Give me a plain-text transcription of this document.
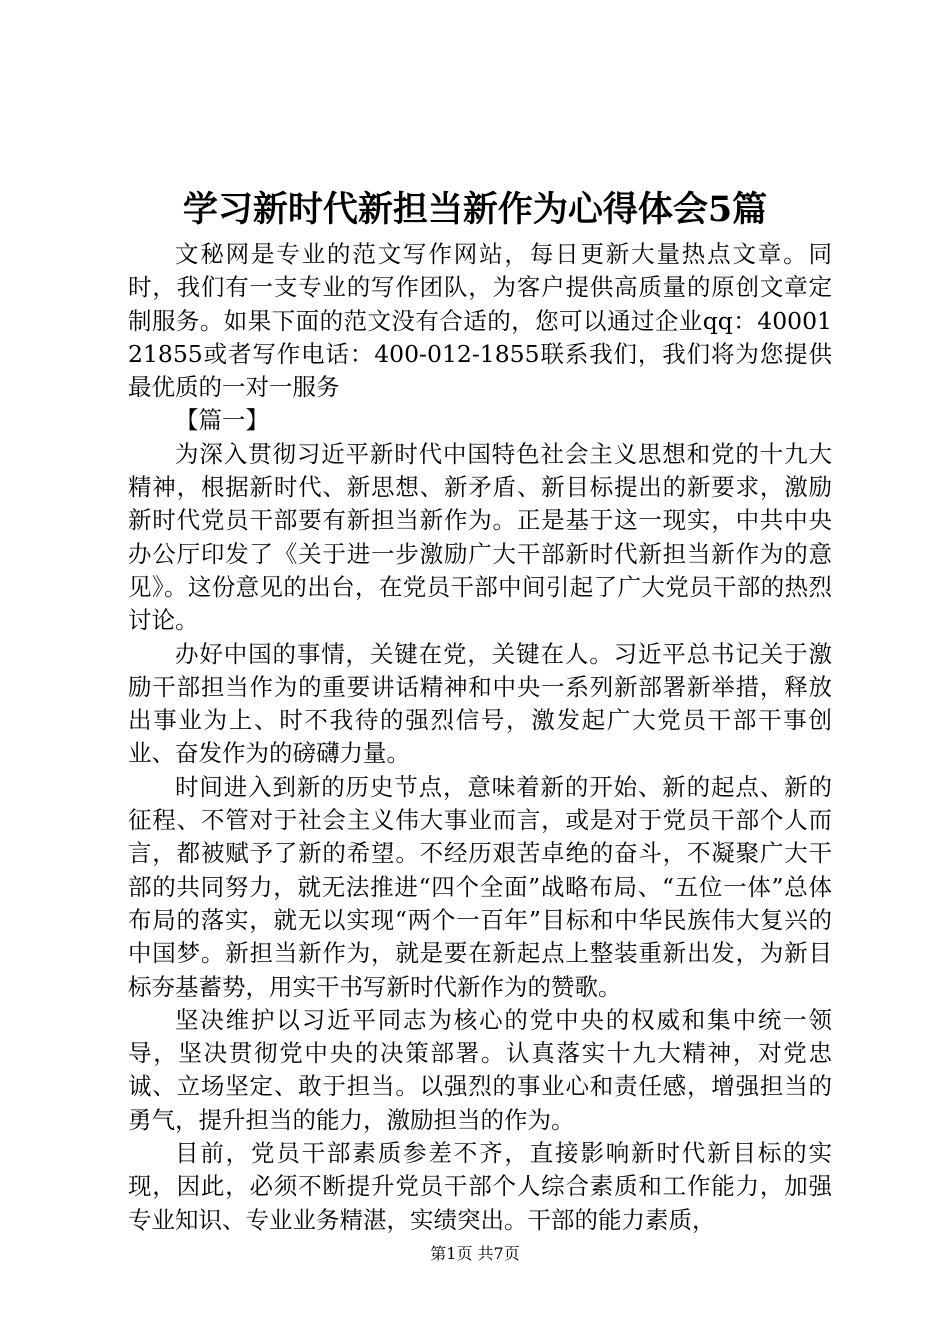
学习新时代新担当新作为心得体会5篇

文秘网是专业的范文写作网站，每日更新大量热点文章。同时，我们有一支专业的写作团队，为客户提供高质量的原创文章定制服务。如果下面的范文没有合适的，您可以通过企业qq：4000121855或者写作电话：400-012-1855联系我们，我们将为您提供最优质的一对一服务

【篇一】

为深入贯彻习近平新时代中国特色社会主义思想和党的十九大精神，根据新时代、新思想、新矛盾、新目标提出的新要求，激励新时代党员干部要有新担当新作为。正是基于这一现实，中共中央办公厅印发了《关于进一步激励广大干部新时代新担当新作为的意见》。这份意见的出台，在党员干部中间引起了广大党员干部的热烈讨论。

办好中国的事情，关键在党，关键在人。习近平总书记关于激励干部担当作为的重要讲话精神和中央一系列新部署新举措，释放出事业为上、时不我待的强烈信号，激发起广大党员干部干事创业、奋发作为的磅礴力量。

时间进入到新的历史节点，意味着新的开始、新的起点、新的征程、不管对于社会主义伟大事业而言，或是对于党员干部个人而言，都被赋予了新的希望。不经历艰苦卓绝的奋斗，不凝聚广大干部的共同努力，就无法推进“四个全面”战略布局、“五位一体”总体布局的落实，就无以实现“两个一百年”目标和中华民族伟大复兴的中国梦。新担当新作为，就是要在新起点上整装重新出发，为新目标夯基蓄势，用实干书写新时代新作为的赞歌。

坚决维护以习近平同志为核心的党中央的权威和集中统一领导，坚决贯彻党中央的决策部署。认真落实十九大精神，对党忠诚、立场坚定、敢于担当。以强烈的事业心和责任感，增强担当的勇气，提升担当的能力，激励担当的作为。

目前，党员干部素质参差不齐，直接影响新时代新目标的实现，因此，必须不断提升党员干部个人综合素质和工作能力，加强专业知识、专业业务精湛，实绩突出。干部的能力素质，

第1页 共7页
